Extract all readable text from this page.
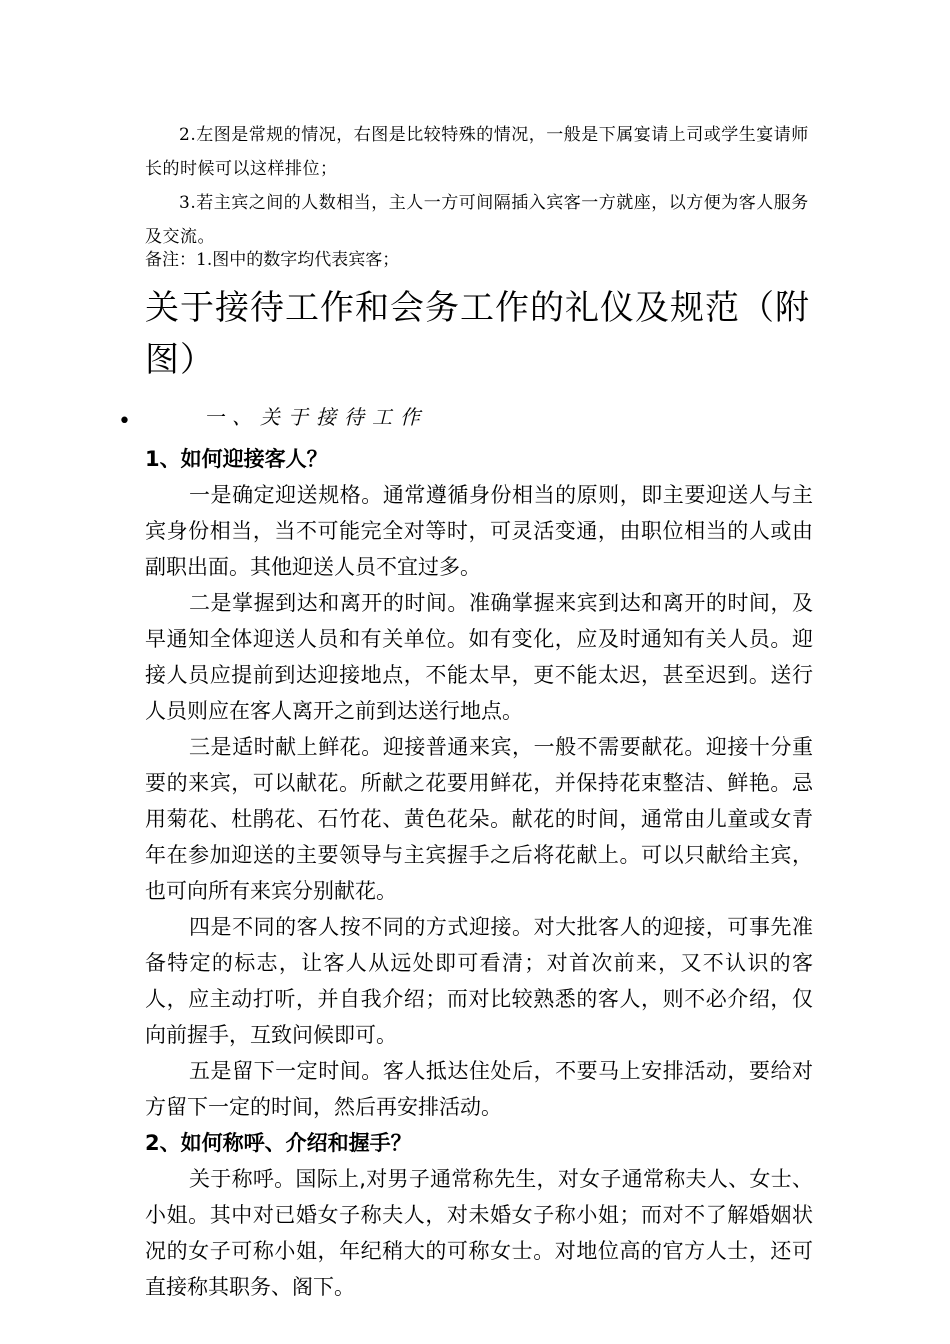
2.左图是常规的情况，右图是比较特殊的情况，一般是下属宴请上司或学生宴请师长的时候可以这样排位；
3.若主宾之间的人数相当，主人一方可间隔插入宾客一方就座，以方便为客人服务及交流。
备注：1.图中的数字均代表宾客；
关于接待工作和会务工作的礼仪及规范（附图）
•	一、关于接待工作

1、如何迎接客人？

一是确定迎送规格。通常遵循身份相当的原则，即主要迎送人与主宾身份相当，当不可能完全对等时，可灵活变通，由职位相当的人或由副职出面。其他迎送人员不宜过多。

二是掌握到达和离开的时间。准确掌握来宾到达和离开的时间，及早通知全体迎送人员和有关单位。如有变化，应及时通知有关人员。迎接人员应提前到达迎接地点，不能太早，更不能太迟，甚至迟到。送行人员则应在客人离开之前到达送行地点。

三是适时献上鲜花。迎接普通来宾，一般不需要献花。迎接十分重要的来宾，可以献花。所献之花要用鲜花，并保持花束整洁、鲜艳。忌用菊花、杜鹃花、石竹花、黄色花朵。献花的时间，通常由儿童或女青年在参加迎送的主要领导与主宾握手之后将花献上。可以只献给主宾，也可向所有来宾分别献花。

四是不同的客人按不同的方式迎接。对大批客人的迎接，可事先准备特定的标志，让客人从远处即可看清；对首次前来，又不认识的客人，应主动打听，并自我介绍；而对比较熟悉的客人，则不必介绍，仅向前握手，互致问候即可。

五是留下一定时间。客人抵达住处后，不要马上安排活动，要给对方留下一定的时间，然后再安排活动。

2、如何称呼、介绍和握手？

关于称呼。国际上,对男子通常称先生，对女子通常称夫人、女士、小姐。其中对已婚女子称夫人，对未婚女子称小姐；而对不了解婚姻状况的女子可称小姐，年纪稍大的可称女士。对地位高的官方人士，还可直接称其职务、阁下。
